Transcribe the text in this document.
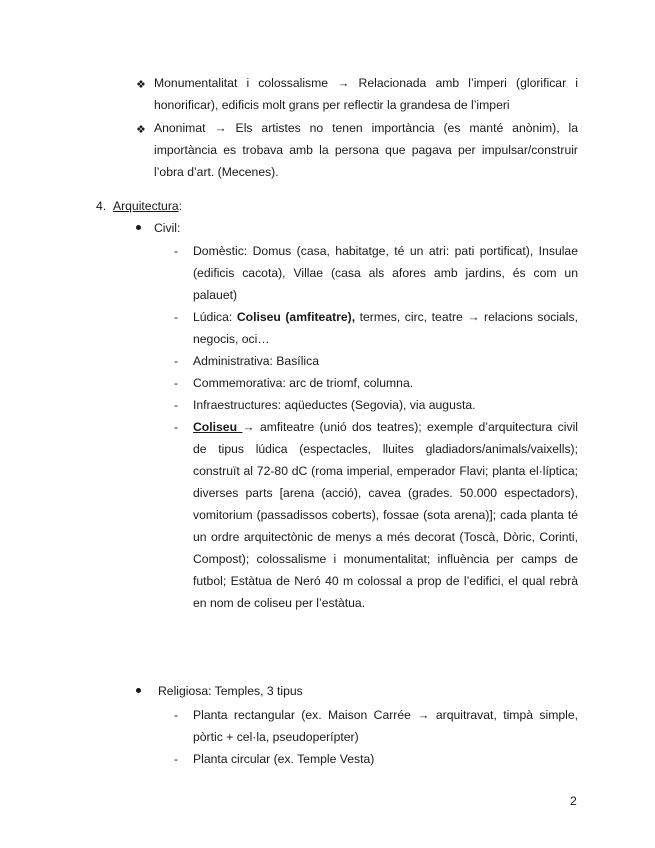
❖ Monumentalitat i colossalisme → Relacionada amb l’imperi (glorificar i
honorificar), edificis molt grans per reflectir la grandesa de l’imperi
❖ Anonimat → Els artistes no tenen importància (es manté anònim), la
importància es trobava amb la persona que pagava per impulsar/construir
l’obra d’art. (Mecenes).
4. Arquitectura:
Civil:
- Domèstic: Domus (casa, habitatge, té un atri: pati portificat), Insulae (edificis cacota), Villae (casa als afores amb jardins, és com un palauet)
- Lúdica: Coliseu (amfiteatre), termes, circ, teatre → relacions socials, negocis, oci…
- Administrativa: Basílica
- Commemorativa: arc de triomf, columna.
- Infraestructures: aqüeductes (Segovia), via augusta.
- Coliseu → amfiteatre (unió dos teatres); exemple d’arquitectura civil de tipus lúdica (espectacles, lluites gladiadors/animals/vaixells); construït al 72-80 dC (roma imperial, emperador Flavi; planta el·líptica; diverses parts [arena (acció), cavea (grades. 50.000 espectadors), vomitorium (passadissos coberts), fossae (sota arena)]; cada planta té un ordre arquitectònic de menys a més decorat (Toscà, Dòric, Corinti, Compost); colossalisme i monumentalitat; influència per camps de futbol; Estàtua de Neró 40 m colossal a prop de l’edifici, el qual rebrà en nom de coliseu per l’estàtua.
Religiosa: Temples, 3 tipus
- Planta rectangular (ex. Maison Carrée → arquitravat, timpà simple, pòrtic + cel·la, pseudoperípter)
- Planta circular (ex. Temple Vesta)
2
